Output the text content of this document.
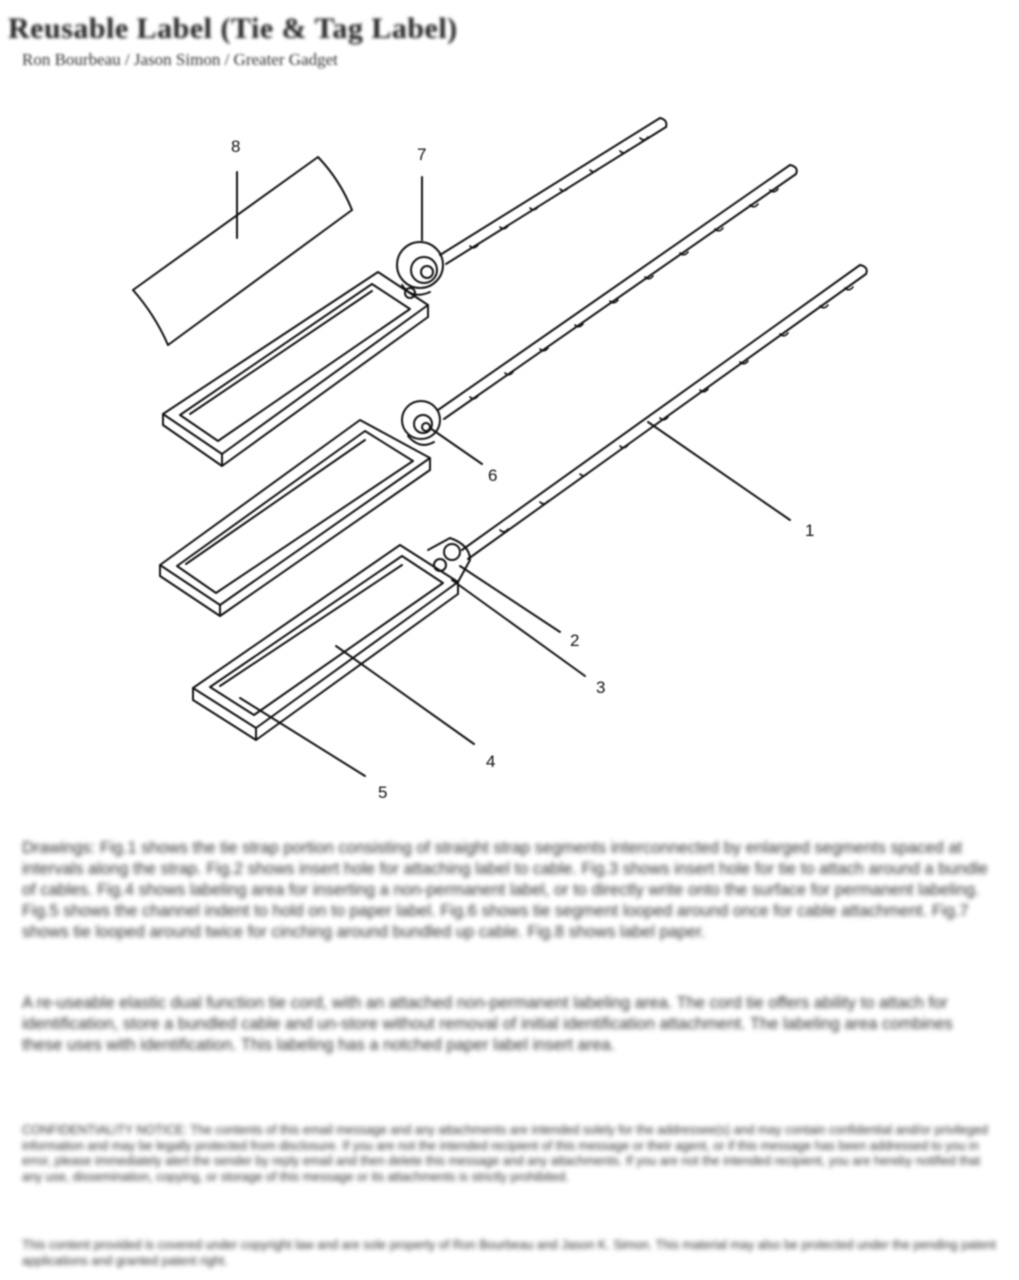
Reusable Label (Tie & Tag Label)
Ron Bourbeau / Jason Simon / Greater Gadget
1
2
3
4
5
6
7
8

Drawings: Fig.1 shows the tie strap portion consisting of straight strap segments interconnected by enlarged segments spaced at intervals along the strap. Fig.2 shows insert hole for attaching label to cable. Fig.3 shows insert hole for tie to attach around a bundle of cables. Fig.4 shows labeling area for inserting a non-permanent label, or to directly write onto the surface for permanent labeling. Fig.5 shows the channel indent to hold on to paper label. Fig.6 shows tie segment looped around once for cable attachment. Fig.7 shows tie looped around twice for cinching around bundled up cable. Fig.8 shows label paper.

A re-useable elastic dual function tie cord, with an attached non-permanent labeling area. The cord tie offers ability to attach for identification, store a bundled cable and un-store without removal of initial identification attachment. The labeling area combines these uses with identification. This labeling has a notched paper label insert area.

CONFIDENTIALITY NOTICE: The contents of this email message and any attachments are intended solely for the addressee(s) and may contain confidential and/or privileged information and may be legally protected from disclosure. If you are not the intended recipient of this message or their agent, or if this message has been addressed to you in error, please immediately alert the sender by reply email and then delete this message and any attachments. If you are not the intended recipient, you are hereby notified that any use, dissemination, copying, or storage of this message or its attachments is strictly prohibited.

This content provided is covered under copyright law and are sole property of Ron Bourbeau and Jason K. Simon. This material may also be protected under the pending patent applications and granted patent right.
